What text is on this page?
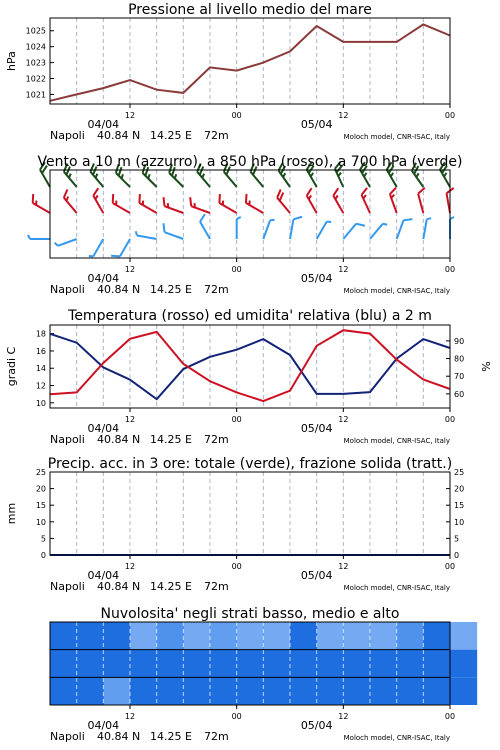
1021
1022
1023
1024
1025
Pressione al livello medio del mare
hPa
12	00	12	00
04/04	05/04
Napoli 40.84 N 14.25 E 72m	Moloch model, CNR-ISAC, Italy
Vento a 10 m (azzurro), a 850 hPa (rosso), a 700 hPa (verde)
12	00	12	00
04/04	05/04
Napoli 40.84 N 14.25 E 72m	Moloch model, CNR-ISAC, Italy
10
12
14
16
18
60
70
80
90
Temperatura (rosso) ed umidita' relativa (blu) a 2 m
gradi C	%
12	00	12	00
04/04	05/04
Napoli 40.84 N 14.25 E 72m	Moloch model, CNR-ISAC, Italy
0
5
10
15
20
25
0
5
10
15
20
25
Precip. acc. in 3 ore: totale (verde), frazione solida (tratt.)
mm
12	00	12	00
04/04	05/04
Napoli 40.84 N 14.25 E 72m	Moloch model, CNR-ISAC, Italy
Nuvolosita' negli strati basso, medio e alto
12	00	12	00
04/04	05/04
Napoli 40.84 N 14.25 E 72m	Moloch model, CNR-ISAC, Italy
